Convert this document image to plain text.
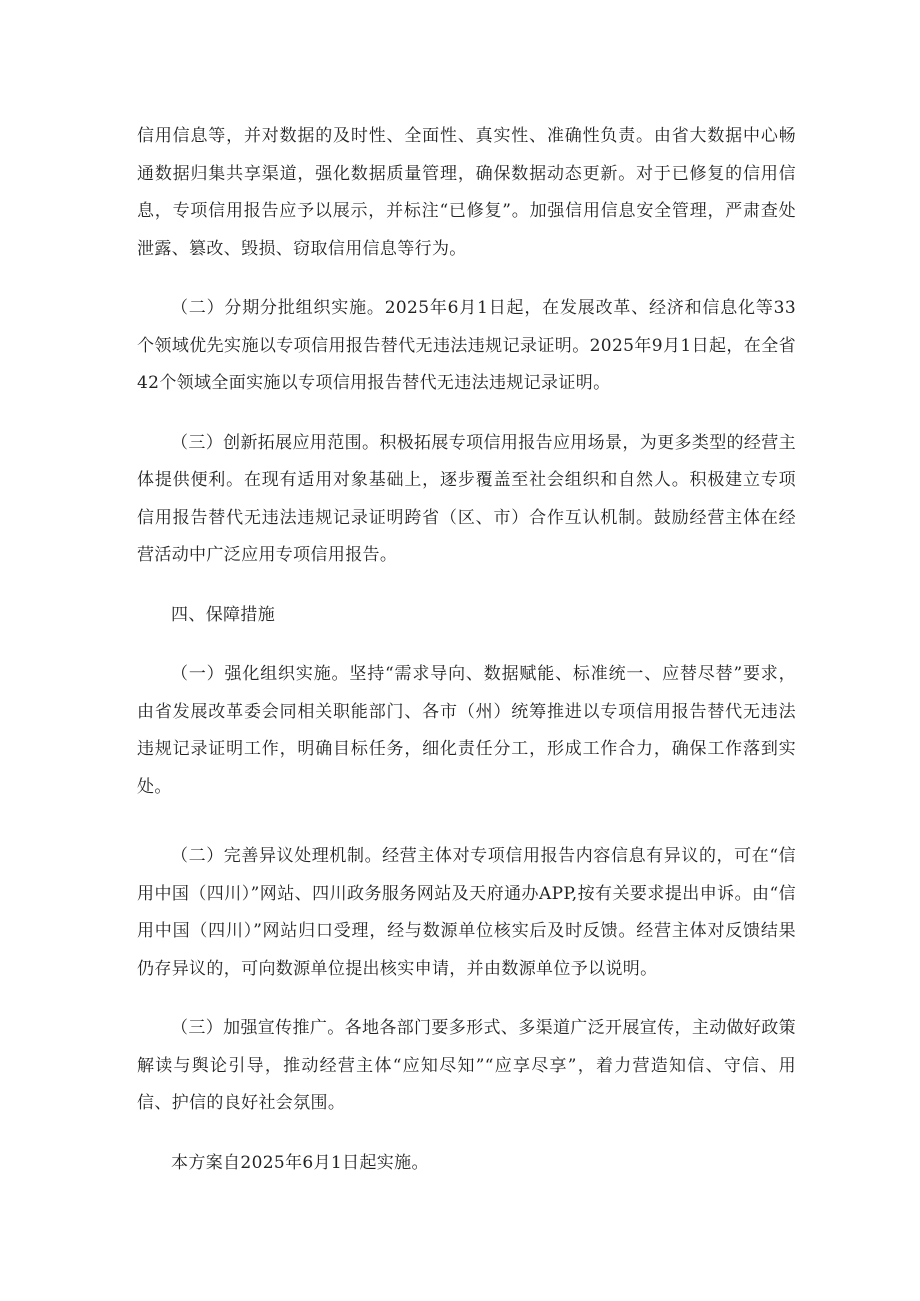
信用信息等，并对数据的及时性、全面性、真实性、准确性负责。由省大数据中心畅通数据归集共享渠道，强化数据质量管理，确保数据动态更新。对于已修复的信用信息，专项信用报告应予以展示，并标注“已修复”。加强信用信息安全管理，严肃查处泄露、篡改、毁损、窃取信用信息等行为。

（二）分期分批组织实施。2025年6月1日起，在发展改革、经济和信息化等33个领域优先实施以专项信用报告替代无违法违规记录证明。2025年9月1日起，在全省42个领域全面实施以专项信用报告替代无违法违规记录证明。

（三）创新拓展应用范围。积极拓展专项信用报告应用场景，为更多类型的经营主体提供便利。在现有适用对象基础上，逐步覆盖至社会组织和自然人。积极建立专项信用报告替代无违法违规记录证明跨省（区、市）合作互认机制。鼓励经营主体在经营活动中广泛应用专项信用报告。

四、保障措施

（一）强化组织实施。坚持“需求导向、数据赋能、标准统一、应替尽替”要求，由省发展改革委会同相关职能部门、各市（州）统筹推进以专项信用报告替代无违法违规记录证明工作，明确目标任务，细化责任分工，形成工作合力，确保工作落到实处。

（二）完善异议处理机制。经营主体对专项信用报告内容信息有异议的，可在“信用中国（四川）”网站、四川政务服务网站及天府通办APP,按有关要求提出申诉。由“信用中国（四川）”网站归口受理，经与数源单位核实后及时反馈。经营主体对反馈结果仍存异议的，可向数源单位提出核实申请，并由数源单位予以说明。

（三）加强宣传推广。各地各部门要多形式、多渠道广泛开展宣传，主动做好政策解读与舆论引导，推动经营主体“应知尽知”“应享尽享”，着力营造知信、守信、用信、护信的良好社会氛围。

本方案自2025年6月1日起实施。
